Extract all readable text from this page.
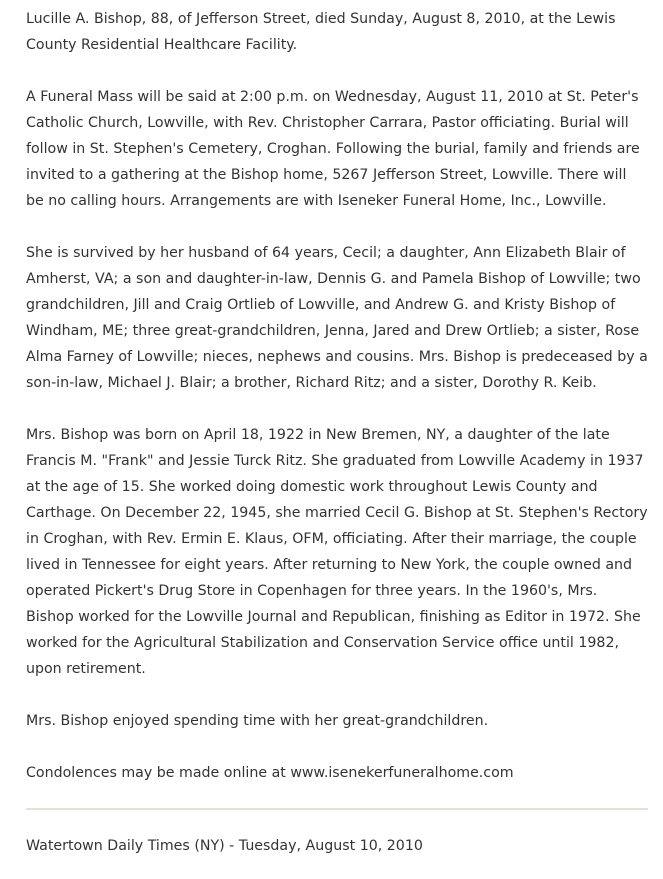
Lucille A. Bishop, 88, of Jefferson Street, died Sunday, August 8, 2010, at the Lewis County Residential Healthcare Facility.

A Funeral Mass will be said at 2:00 p.m. on Wednesday, August 11, 2010 at St. Peter's Catholic Church, Lowville, with Rev. Christopher Carrara, Pastor officiating. Burial will follow in St. Stephen's Cemetery, Croghan. Following the burial, family and friends are invited to a gathering at the Bishop home, 5267 Jefferson Street, Lowville. There will be no calling hours. Arrangements are with Iseneker Funeral Home, Inc., Lowville.

She is survived by her husband of 64 years, Cecil; a daughter, Ann Elizabeth Blair of Amherst, VA; a son and daughter-in-law, Dennis G. and Pamela Bishop of Lowville; two grandchildren, Jill and Craig Ortlieb of Lowville, and Andrew G. and Kristy Bishop of Windham, ME; three great-grandchildren, Jenna, Jared and Drew Ortlieb; a sister, Rose Alma Farney of Lowville; nieces, nephews and cousins. Mrs. Bishop is predeceased by a son-in-law, Michael J. Blair; a brother, Richard Ritz; and a sister, Dorothy R. Keib.

Mrs. Bishop was born on April 18, 1922 in New Bremen, NY, a daughter of the late Francis M. "Frank" and Jessie Turck Ritz. She graduated from Lowville Academy in 1937 at the age of 15. She worked doing domestic work throughout Lewis County and Carthage. On December 22, 1945, she married Cecil G. Bishop at St. Stephen's Rectory in Croghan, with Rev. Ermin E. Klaus, OFM, officiating. After their marriage, the couple lived in Tennessee for eight years. After returning to New York, the couple owned and operated Pickert's Drug Store in Copenhagen for three years. In the 1960's, Mrs. Bishop worked for the Lowville Journal and Republican, finishing as Editor in 1972. She worked for the Agricultural Stabilization and Conservation Service office until 1982, upon retirement.

Mrs. Bishop enjoyed spending time with her great-grandchildren.

Condolences may be made online at www.isenekerfuneralhome.com

Watertown Daily Times (NY) - Tuesday, August 10, 2010
